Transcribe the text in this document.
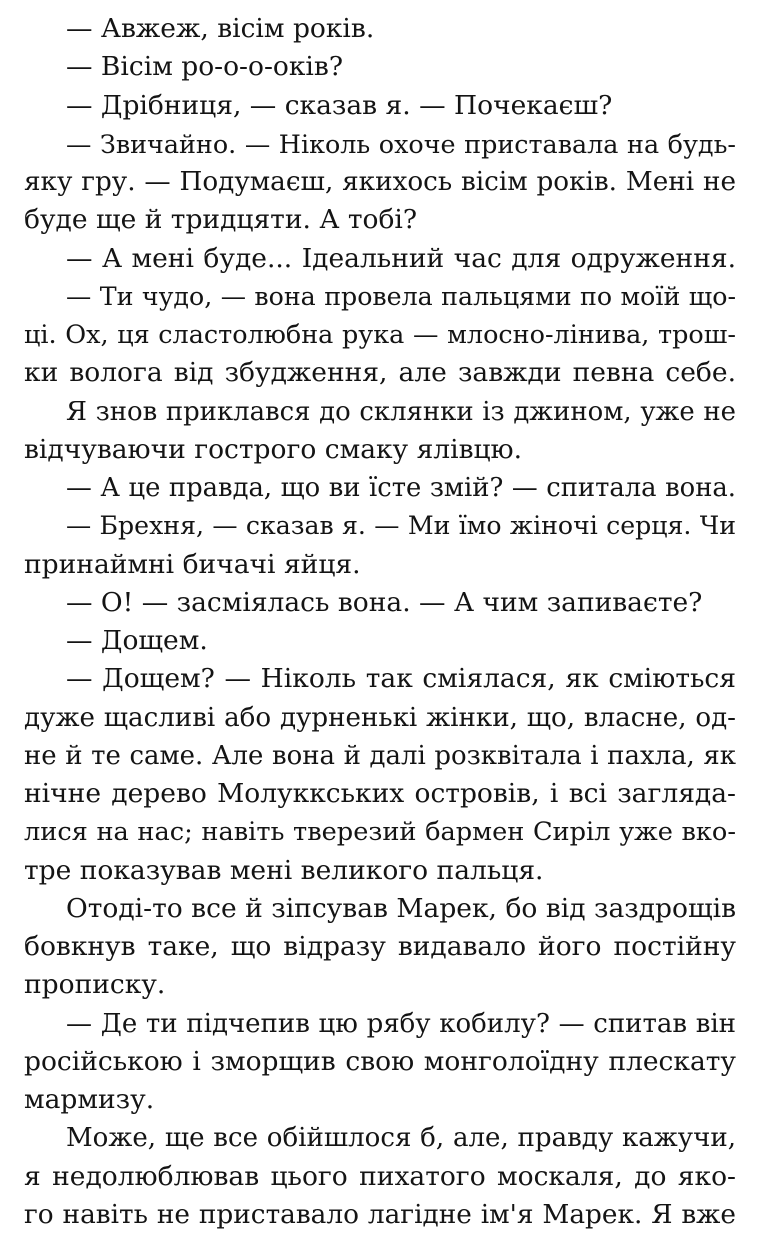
— Авжеж, вісім років.
— Вісім ро-о-о-оків?
— Дрібниця, — сказав я. — Почекаєш?
— Звичайно. — Ніколь охоче приставала на будь-
яку гру. — Подумаєш, якихось вісім років. Мені не
буде ще й тридцяти. А тобі?
— А мені буде... Ідеальний час для одруження.
— Ти чудо, — вона провела пальцями по моїй що-
ці. Ох, ця сластолюбна рука — млосно-лінива, трош-
ки волога від збудження, але завжди певна себе.
Я знов приклався до склянки із джином, уже не
відчуваючи гострого смаку ялівцю.
— А це правда, що ви їсте змій? — спитала вона.
— Брехня, — сказав я. — Ми їмо жіночі серця. Чи
принаймні бичачі яйця.
— О! — засміялась вона. — А чим запиваєте?
— Дощем.
— Дощем? — Ніколь так сміялася, як сміються
дуже щасливі або дурненькі жінки, що, власне, од-
не й те саме. Але вона й далі розквітала і пахла, як
нічне дерево Молуккських островів, і всі загляда-
лися на нас; навіть тверезий бармен Сиріл уже вко-
тре показував мені великого пальця.
Отоді-то все й зіпсував Марек, бо від заздрощів
бовкнув таке, що відразу видавало його постійну
прописку.
— Де ти підчепив цю рябу кобилу? — спитав він
російською і зморщив свою монголоїдну плескату
мармизу.
Може, ще все обійшлося б, але, правду кажучи,
я недолюблював цього пихатого москаля, до яко-
го навіть не приставало лагідне ім'я Марек. Я вже
